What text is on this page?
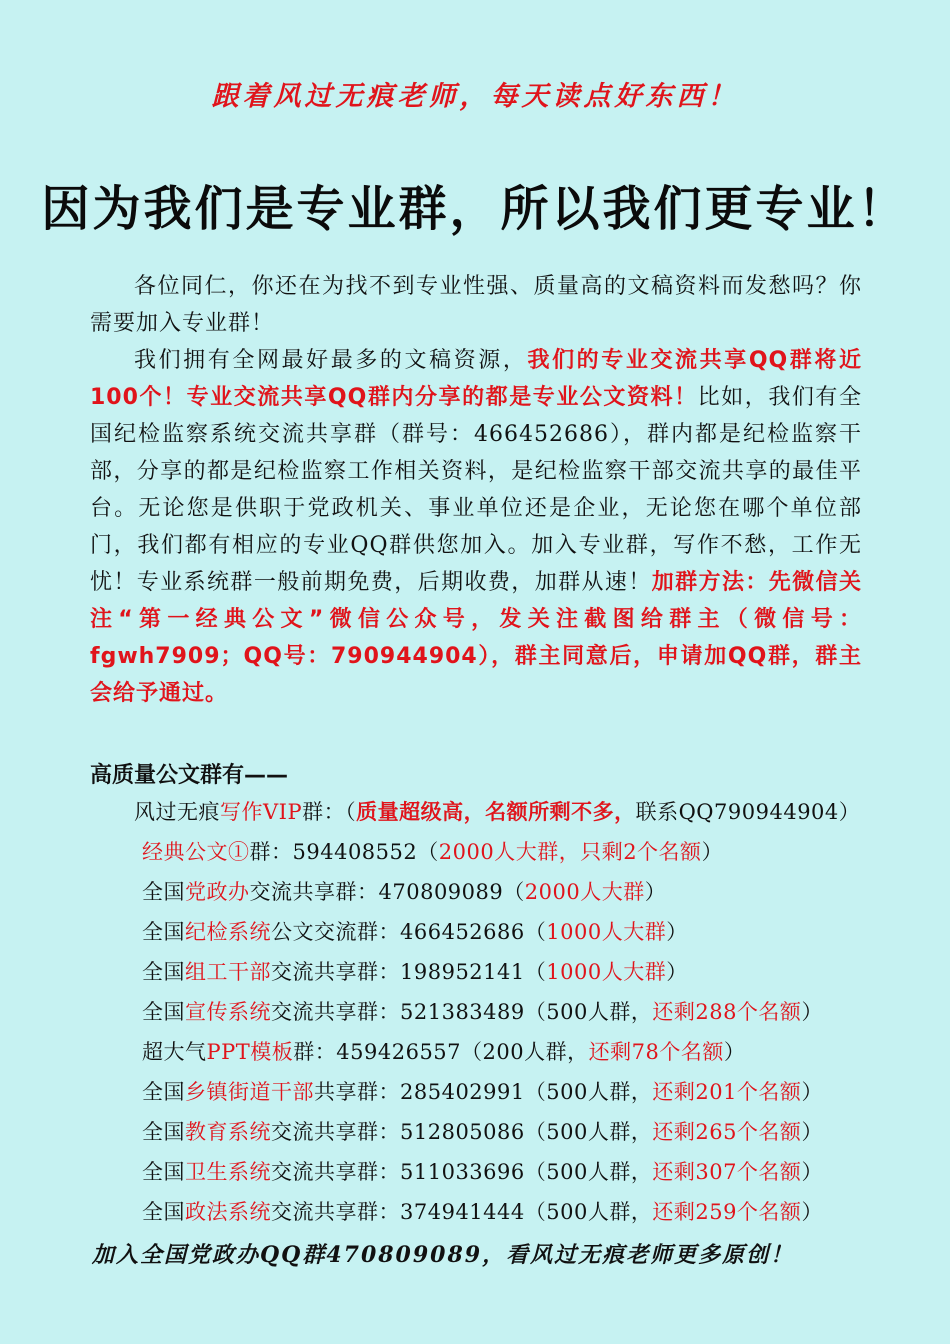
跟着风过无痕老师，每天读点好东西！
因为我们是专业群，所以我们更专业！

各位同仁，你还在为找不到专业性强、质量高的文稿资料而发愁吗？你需要加入专业群！

我们拥有全网最好最多的文稿资源，我们的专业交流共享QQ群将近100个！专业交流共享QQ群内分享的都是专业公文资料！比如，我们有全国纪检监察系统交流共享群（群号：466452686），群内都是纪检监察干部，分享的都是纪检监察工作相关资料，是纪检监察干部交流共享的最佳平台。无论您是供职于党政机关、事业单位还是企业，无论您在哪个单位部门，我们都有相应的专业QQ群供您加入。加入专业群，写作不愁，工作无忧！专业系统群一般前期免费，后期收费，加群从速！加群方法：先微信关注“第一经典公文”微信公众号，发关注截图给群主（微信号：fgwh7909；QQ号：790944904），群主同意后，申请加QQ群，群主会给予通过。

高质量公文群有——
风过无痕写作VIP群：（质量超级高，名额所剩不多，联系QQ790944904）
经典公文①群：594408552（2000人大群，只剩2个名额）
全国党政办交流共享群：470809089（2000人大群）
全国纪检系统公文交流群：466452686（1000人大群）
全国组工干部交流共享群：198952141（1000人大群）
全国宣传系统交流共享群：521383489（500人群，还剩288个名额）
超大气PPT模板群：459426557（200人群，还剩78个名额）
全国乡镇街道干部共享群：285402991（500人群，还剩201个名额）
全国教育系统交流共享群：512805086（500人群，还剩265个名额）
全国卫生系统交流共享群：511033696（500人群，还剩307个名额）
全国政法系统交流共享群：374941444（500人群，还剩259个名额）
加入全国党政办QQ群470809089，看风过无痕老师更多原创！
